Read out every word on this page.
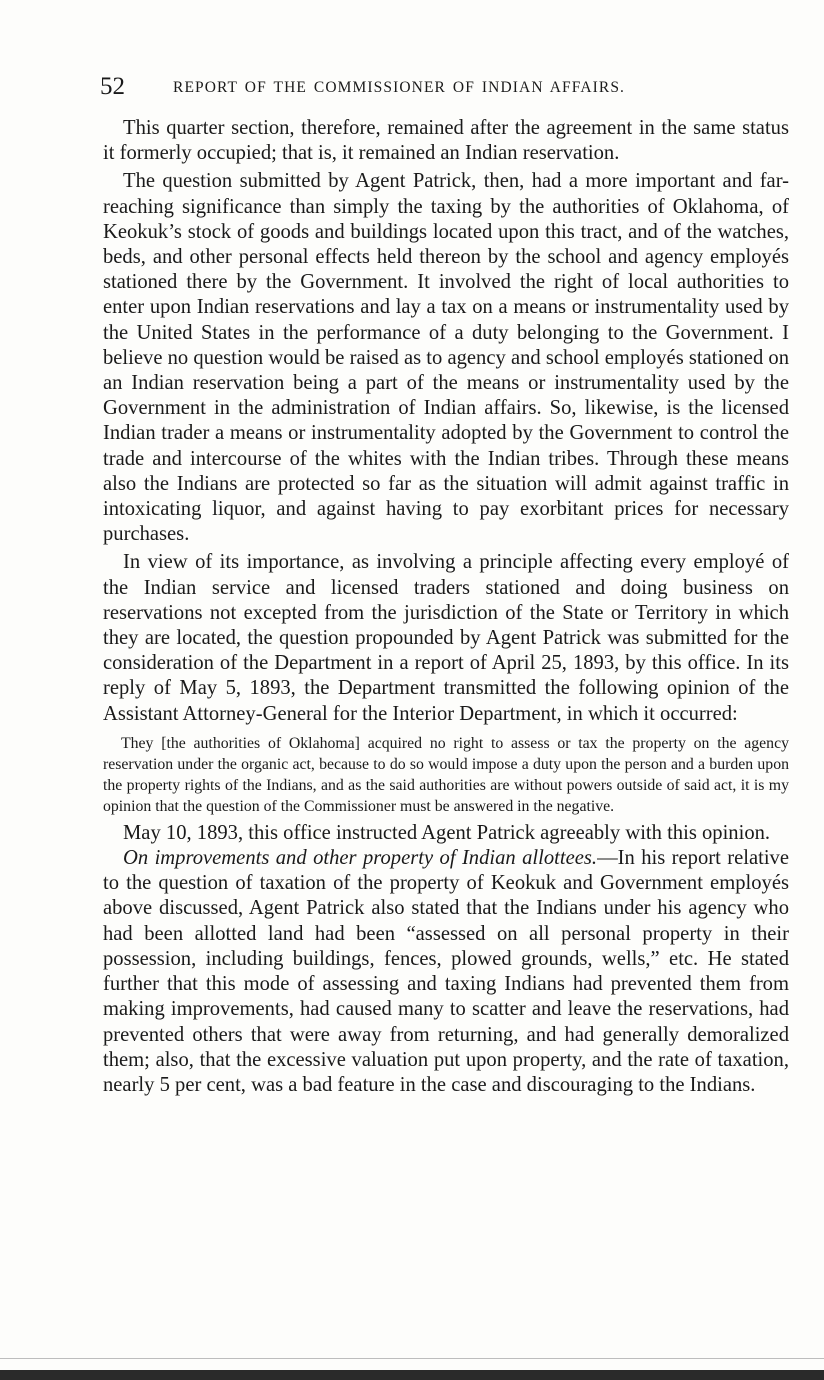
52	REPORT OF THE COMMISSIONER OF INDIAN AFFAIRS.

This quarter section, therefore, remained after the agreement in the same status it formerly occupied; that is, it remained an Indian reservation.

The question submitted by Agent Patrick, then, had a more important and far-reaching significance than simply the taxing by the authorities of Oklahoma, of Keokuk’s stock of goods and buildings located upon this tract, and of the watches, beds, and other personal effects held thereon by the school and agency employés stationed there by the Government. It involved the right of local authorities to enter upon Indian reservations and lay a tax on a means or instrumentality used by the United States in the performance of a duty belonging to the Government. I believe no question would be raised as to agency and school employés stationed on an Indian reservation being a part of the means or instrumentality used by the Government in the administration of Indian affairs. So, likewise, is the licensed Indian trader a means or instrumentality adopted by the Government to control the trade and intercourse of the whites with the Indian tribes. Through these means also the Indians are protected so far as the situation will admit against traffic in intoxicating liquor, and against having to pay exorbitant prices for necessary purchases.

In view of its importance, as involving a principle affecting every employé of the Indian service and licensed traders stationed and doing business on reservations not excepted from the jurisdiction of the State or Territory in which they are located, the question propounded by Agent Patrick was submitted for the consideration of the Department in a report of April 25, 1893, by this office. In its reply of May 5, 1893, the Department transmitted the following opinion of the Assistant Attorney-General for the Interior Department, in which it occurred:

They [the authorities of Oklahoma] acquired no right to assess or tax the property on the agency reservation under the organic act, because to do so would impose a duty upon the person and a burden upon the property rights of the Indians, and as the said authorities are without powers outside of said act, it is my opinion that the question of the Commissioner must be answered in the negative.

May 10, 1893, this office instructed Agent Patrick agreeably with this opinion.

On improvements and other property of Indian allottees.—In his report relative to the question of taxation of the property of Keokuk and Government employés above discussed, Agent Patrick also stated that the Indians under his agency who had been allotted land had been “assessed on all personal property in their possession, including buildings, fences, plowed grounds, wells,” etc. He stated further that this mode of assessing and taxing Indians had prevented them from making improvements, had caused many to scatter and leave the reservations, had prevented others that were away from returning, and had generally demoralized them; also, that the excessive valuation put upon property, and the rate of taxation, nearly 5 per cent, was a bad feature in the case and discouraging to the Indians.
